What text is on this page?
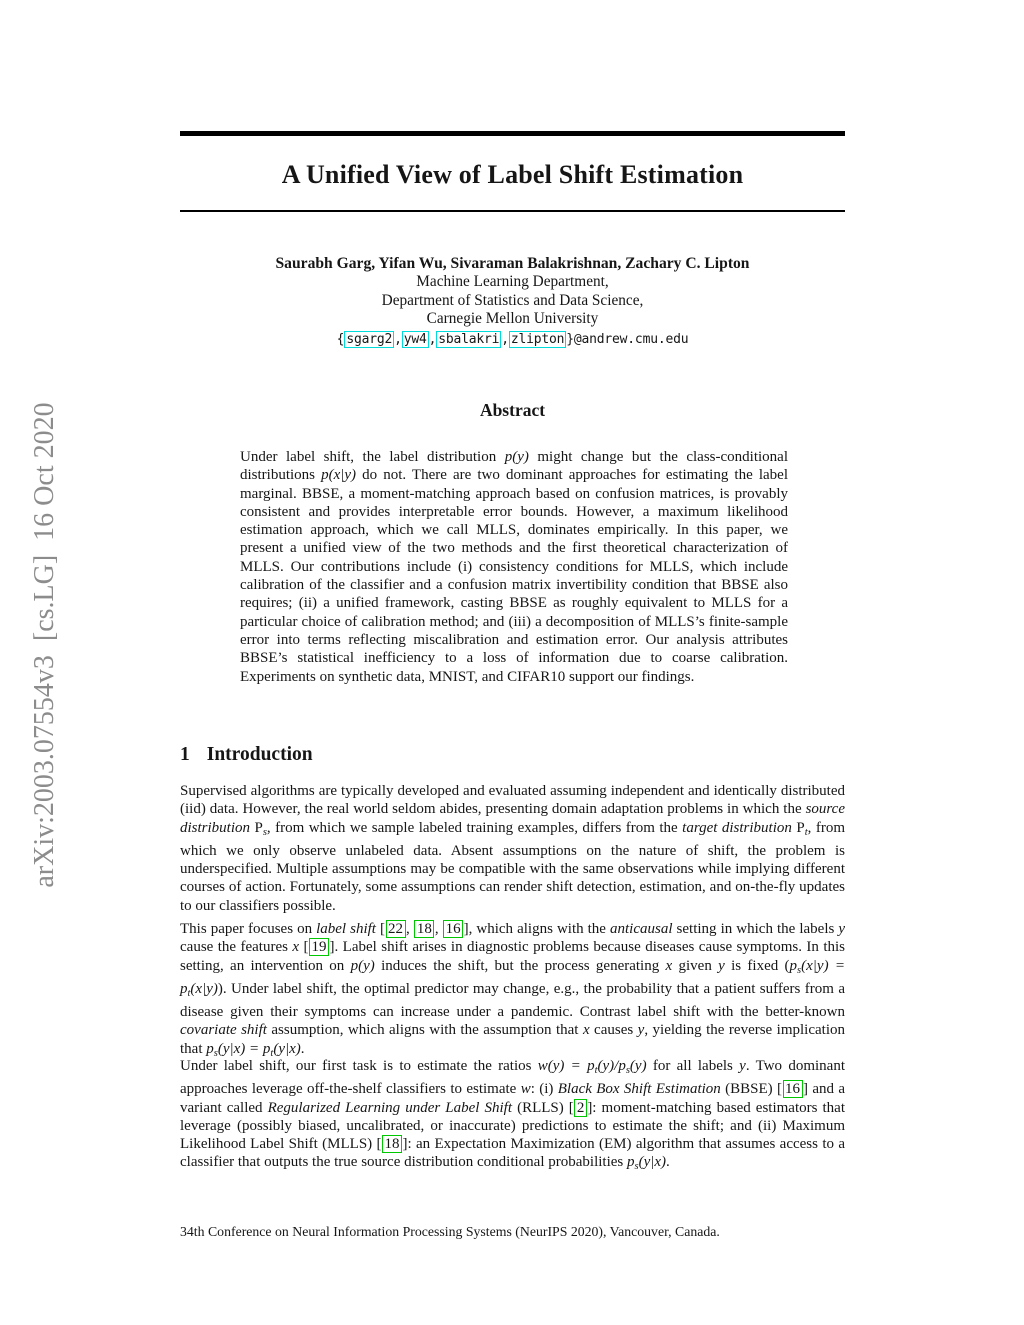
arXiv:2003.07554v3  [cs.LG]  16 Oct 2020
A Unified View of Label Shift Estimation
Saurabh Garg, Yifan Wu, Sivaraman Balakrishnan, Zachary C. Lipton
Machine Learning Department,
Department of Statistics and Data Science,
Carnegie Mellon University
{ sgarg2 , yw4 , sbalakri , zlipton }@andrew.cmu.edu
Abstract
Under label shift, the label distribution p(y) might change but the class-conditional distributions p(x|y) do not. There are two dominant approaches for estimating the label marginal. BBSE, a moment-matching approach based on confusion matrices, is provably consistent and provides interpretable error bounds. However, a maximum likelihood estimation approach, which we call MLLS, dominates empirically. In this paper, we present a unified view of the two methods and the first theoretical characterization of MLLS. Our contributions include (i) consistency conditions for MLLS, which include calibration of the classifier and a confusion matrix invertibility condition that BBSE also requires; (ii) a unified framework, casting BBSE as roughly equivalent to MLLS for a particular choice of calibration method; and (iii) a decomposition of MLLS’s finite-sample error into terms reflecting miscalibration and estimation error. Our analysis attributes BBSE’s statistical inefficiency to a loss of information due to coarse calibration. Experiments on synthetic data, MNIST, and CIFAR10 support our findings.
1 Introduction
Supervised algorithms are typically developed and evaluated assuming independent and identically distributed (iid) data. However, the real world seldom abides, presenting domain adaptation problems in which the source distribution Ps, from which we sample labeled training examples, differs from the target distribution Pt, from which we only observe unlabeled data. Absent assumptions on the nature of shift, the problem is underspecified. Multiple assumptions may be compatible with the same observations while implying different courses of action. Fortunately, some assumptions can render shift detection, estimation, and on-the-fly updates to our classifiers possible.
This paper focuses on label shift [ 22 , 18 , 16 ], which aligns with the anticausal setting in which the labels y cause the features x [ 19 ]. Label shift arises in diagnostic problems because diseases cause symptoms. In this setting, an intervention on p(y) induces the shift, but the process generating x given y is fixed (ps(x|y) = pt(x|y)). Under label shift, the optimal predictor may change, e.g., the probability that a patient suffers from a disease given their symptoms can increase under a pandemic. Contrast label shift with the better-known covariate shift assumption, which aligns with the assumption that x causes y, yielding the reverse implication that ps(y|x) = pt(y|x).
Under label shift, our first task is to estimate the ratios w(y) = pt(y)/ps(y) for all labels y. Two dominant approaches leverage off-the-shelf classifiers to estimate w: (i) Black Box Shift Estimation (BBSE) [ 16 ] and a variant called Regularized Learning under Label Shift (RLLS) [ 2 ]: moment-matching based estimators that leverage (possibly biased, uncalibrated, or inaccurate) predictions to estimate the shift; and (ii) Maximum Likelihood Label Shift (MLLS) [ 18 ]: an Expectation Maximization (EM) algorithm that assumes access to a classifier that outputs the true source distribution conditional probabilities ps(y|x).
34th Conference on Neural Information Processing Systems (NeurIPS 2020), Vancouver, Canada.
